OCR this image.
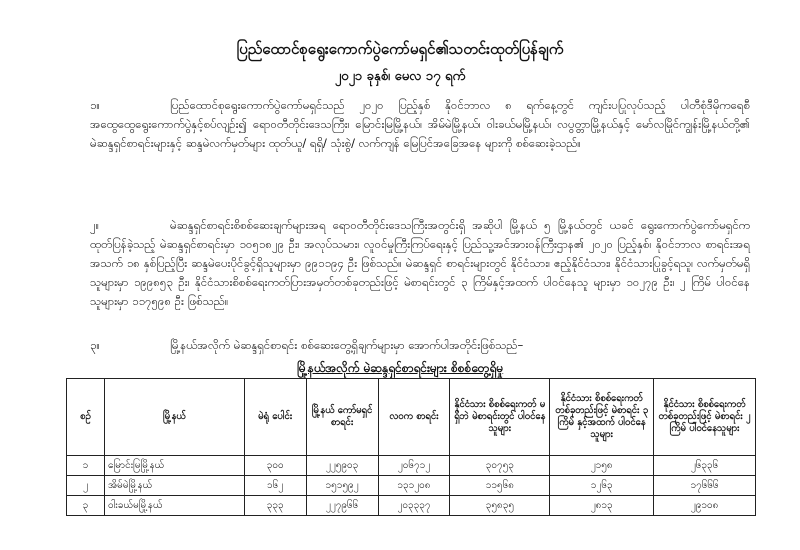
ပြည်ထောင်စုရွေးကောက်ပွဲကော်မရှင်၏သတင်းထုတ်ပြန်ချက်
၂၀၂၁ ခုနှစ်၊ မေလ ၁၇ ရက်
၁။	ပြည်ထောင်စုရွေးကောက်ပွဲကော်မရှင်သည် ၂၀၂၀ ပြည့်နှစ် နိုဝင်ဘာလ ၈ ရက်နေ့တွင် ကျင်းပပြုလုပ်သည့် ပါတီစုံဒီမိုကရေစီအထွေထွေရွေးကောက်ပွဲနှင့်စပ်လျဉ်း၍ ရောဝတီတိုင်းဒေသကြီး၊ မြောင်းမြမြို့နယ်၊ အိမ်မဲမြို့နယ်၊ ဝါးခယ်မမြို့နယ်၊ လပွတ္တာမြို့နယ်နှင့် မော်လမြိုင်ကျွန်းမြို့နယ်တို့၏ မဲဆန္ဒရှင်စာရင်းများနှင့် ဆန္ဒမဲလက်မှတ်များ ထုတ်ယူ/ ရရှိ/ သုံးစွဲ/ လက်ကျန် မြေပြင်အခြေအနေ များကို စစ်ဆေးခဲ့သည်။
၂။	မဲဆန္ဒရှင်စာရင်းစိစစ်ဆေးချက်များအရ ရောဝတီတိုင်းဒေသကြီးအတွင်းရှိ အဆိုပါ မြို့နယ် ၅ မြို့နယ်တွင် ယခင် ရွေးကောက်ပွဲကော်မရှင်က ထုတ်ပြန်ခဲ့သည့် မဲဆန္ဒရှင်စာရင်းမှာ ၁၀၅၁၈၂၉ ဦး၊ အလုပ်သမား၊ လူဝင်မှုကြီးကြပ်ရေးနှင့် ပြည်သူ့အင်အားဝန်ကြီးဌာန၏ ၂၀၂၀ ပြည့်နှစ်၊ နိုဝင်ဘာလ စာရင်းအရ အသက် ၁၈ နှစ်ပြည့်ပြီး ဆန္ဒမဲပေးပိုင်ခွင့်ရှိသူများမှာ ၉၉၁၁၉၄ ဦး ဖြစ်သည်။ မဲဆန္ဒရှင် စာရင်းများတွင် နိုင်ငံသား၊ ဧည့်နိုင်ငံသား၊ နိုင်ငံသားပြုခွင့်ရသူ၊ လက်မှတ်မရှိသူများမှာ ၁၉၉၈၅၃ ဦး၊ နိုင်ငံသားစိစစ်ရေးကတ်ပြားအမှတ်တစ်ခုတည်းဖြင့် မဲစာရင်းတွင် ၃ ကြိမ်နှင့်အထက် ပါဝင်နေသူ များမှာ ၁၀၂၇၉ ဦး၊ ၂ ကြိမ် ပါဝင်နေသူများမှာ ၁၁၇၅၉၈ ဦး ဖြစ်သည်။
၃။	မြို့နယ်အလိုက် မဲဆန္ဒရှင်စာရင်း စစ်ဆေးတွေ့ရှိချက်များမှာ အောက်ပါအတိုင်းဖြစ်သည်–
မြို့နယ်အလိုက် မဲဆန္ဒရှင်စာရင်းများ စိစစ်တွေ့ရှိမှု
စဉ်	မြို့နယ်	မဲရုံ ပေါင်း	မြို့နယ် ကော်မရှင် စာရင်း	လဝက စာရင်း	နိုင်ငံသား စိစစ်ရေးကတ် မရှိဘဲ မဲစာရင်းတွင် ပါဝင်နေသူများ	နိုင်ငံသား စိစစ်ရေးကတ် တစ်ခုတည်းဖြင့် မဲစာရင်း ၃ ကြိမ် နှင့်အထက် ပါဝင်နေသူများ	နိုင်ငံသား စိစစ်ရေးကတ် တစ်ခုတည်းဖြင့် မဲစာရင်း ၂ ကြိမ် ပါဝင်နေသူများ
၁	မြောင်းမြမြို့နယ်	၃၀၀	၂၂၅၉၀၃	၂၀၆၇၁၂	၃၀၇၅၃	၂၁၅၈	၂၆၃၃၆
၂	အိမ်မဲမြို့နယ်	၁၆၂	၁၅၁၅၉၂	၁၃၁၂၀၈	၁၁၅၆၈	၁၂၆၃	၁၇၆၆၆
၃	ဝါးခယ်မမြို့နယ်	၃၃၃	၂၂၇၉၆၆	၂၀၃၃၃၇	၃၅၈၃၅	၂၈၁၃	၂၉၁၀၈
